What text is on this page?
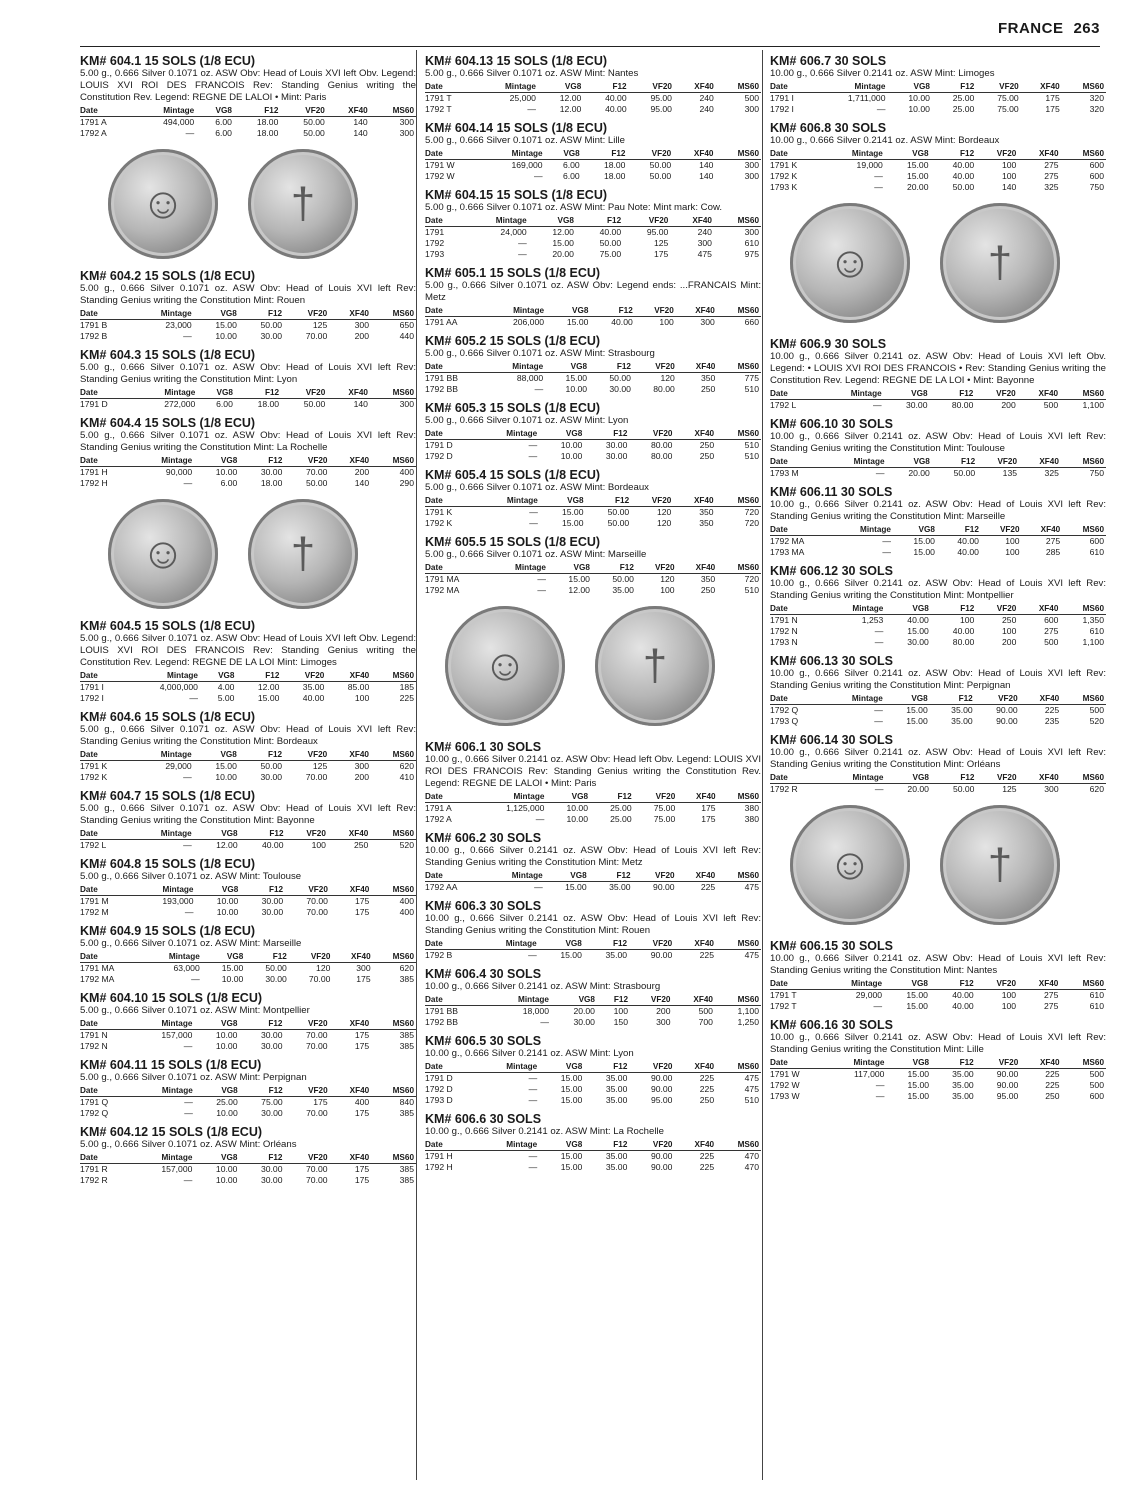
FRANCE 263
KM# 604.1 15 SOLS (1/8 ECU)
5.00 g., 0.666 Silver 0.1071 oz. ASW Obv: Head of Louis XVI left Obv. Legend: LOUIS XVI ROI DES FRANCOIS Rev: Standing Genius writing the Constitution Rev. Legend: REGNE DE LALOI • Mint: Paris
Date	Mintage	VG8	F12	VF20	XF40	MS60
1791 A	494,000	6.00	18.00	50.00	140	300
1792 A	—	6.00	18.00	50.00	140	300
☺ †
KM# 604.2 15 SOLS (1/8 ECU)
5.00 g., 0.666 Silver 0.1071 oz. ASW Obv: Head of Louis XVI left Rev: Standing Genius writing the Constitution Mint: Rouen
Date	Mintage	VG8	F12	VF20	XF40	MS60
1791 B	23,000	15.00	50.00	125	300	650
1792 B	—	10.00	30.00	70.00	200	440
KM# 604.3 15 SOLS (1/8 ECU)
5.00 g., 0.666 Silver 0.1071 oz. ASW Obv: Head of Louis XVI left Rev: Standing Genius writing the Constitution Mint: Lyon
Date	Mintage	VG8	F12	VF20	XF40	MS60
1791 D	272,000	6.00	18.00	50.00	140	300
KM# 604.4 15 SOLS (1/8 ECU)
5.00 g., 0.666 Silver 0.1071 oz. ASW Obv: Head of Louis XVI left Rev: Standing Genius writing the Constitution Mint: La Rochelle
Date	Mintage	VG8	F12	VF20	XF40	MS60
1791 H	90,000	10.00	30.00	70.00	200	400
1792 H	—	6.00	18.00	50.00	140	290
☺ †
KM# 604.5 15 SOLS (1/8 ECU)
5.00 g., 0.666 Silver 0.1071 oz. ASW Obv: Head of Louis XVI left Obv. Legend: LOUIS XVI ROI DES FRANCOIS Rev: Standing Genius writing the Constitution Rev. Legend: REGNE DE LA LOI Mint: Limoges
Date	Mintage	VG8	F12	VF20	XF40	MS60
1791 I	4,000,000	4.00	12.00	35.00	85.00	185
1792 I	—	5.00	15.00	40.00	100	225
KM# 604.6 15 SOLS (1/8 ECU)
5.00 g., 0.666 Silver 0.1071 oz. ASW Obv: Head of Louis XVI left Rev: Standing Genius writing the Constitution Mint: Bordeaux
Date	Mintage	VG8	F12	VF20	XF40	MS60
1791 K	29,000	15.00	50.00	125	300	620
1792 K	—	10.00	30.00	70.00	200	410
KM# 604.7 15 SOLS (1/8 ECU)
5.00 g., 0.666 Silver 0.1071 oz. ASW Obv: Head of Louis XVI left Rev: Standing Genius writing the Constitution Mint: Bayonne
Date	Mintage	VG8	F12	VF20	XF40	MS60
1792 L	—	12.00	40.00	100	250	520
KM# 604.8 15 SOLS (1/8 ECU)
5.00 g., 0.666 Silver 0.1071 oz. ASW Mint: Toulouse
Date	Mintage	VG8	F12	VF20	XF40	MS60
1791 M	193,000	10.00	30.00	70.00	175	400
1792 M	—	10.00	30.00	70.00	175	400
KM# 604.9 15 SOLS (1/8 ECU)
5.00 g., 0.666 Silver 0.1071 oz. ASW Mint: Marseille
Date	Mintage	VG8	F12	VF20	XF40	MS60
1791 MA	63,000	15.00	50.00	120	300	620
1792 MA	—	10.00	30.00	70.00	175	385
KM# 604.10 15 SOLS (1/8 ECU)
5.00 g., 0.666 Silver 0.1071 oz. ASW Mint: Montpellier
Date	Mintage	VG8	F12	VF20	XF40	MS60
1791 N	157,000	10.00	30.00	70.00	175	385
1792 N	—	10.00	30.00	70.00	175	385
KM# 604.11 15 SOLS (1/8 ECU)
5.00 g., 0.666 Silver 0.1071 oz. ASW Mint: Perpignan
Date	Mintage	VG8	F12	VF20	XF40	MS60
1791 Q	—	25.00	75.00	175	400	840
1792 Q	—	10.00	30.00	70.00	175	385
KM# 604.12 15 SOLS (1/8 ECU)
5.00 g., 0.666 Silver 0.1071 oz. ASW Mint: Orléans
Date	Mintage	VG8	F12	VF20	XF40	MS60
1791 R	157,000	10.00	30.00	70.00	175	385
1792 R	—	10.00	30.00	70.00	175	385
KM# 604.13 15 SOLS (1/8 ECU)
5.00 g., 0.666 Silver 0.1071 oz. ASW Mint: Nantes
Date	Mintage	VG8	F12	VF20	XF40	MS60
1791 T	25,000	12.00	40.00	95.00	240	500
1792 T	—	12.00	40.00	95.00	240	300
KM# 604.14 15 SOLS (1/8 ECU)
5.00 g., 0.666 Silver 0.1071 oz. ASW Mint: Lille
Date	Mintage	VG8	F12	VF20	XF40	MS60
1791 W	169,000	6.00	18.00	50.00	140	300
1792 W	—	6.00	18.00	50.00	140	300
KM# 604.15 15 SOLS (1/8 ECU)
5.00 g., 0.666 Silver 0.1071 oz. ASW Mint: Pau Note: Mint mark: Cow.
Date	Mintage	VG8	F12	VF20	XF40	MS60
1791	24,000	12.00	40.00	95.00	240	300
1792	—	15.00	50.00	125	300	610
1793	—	20.00	75.00	175	475	975
KM# 605.1 15 SOLS (1/8 ECU)
5.00 g., 0.666 Silver 0.1071 oz. ASW Obv: Legend ends: ...FRANCAIS Mint: Metz
Date	Mintage	VG8	F12	VF20	XF40	MS60
1791 AA	206,000	15.00	40.00	100	300	660
KM# 605.2 15 SOLS (1/8 ECU)
5.00 g., 0.666 Silver 0.1071 oz. ASW Mint: Strasbourg
Date	Mintage	VG8	F12	VF20	XF40	MS60
1791 BB	88,000	15.00	50.00	120	350	775
1792 BB	—	10.00	30.00	80.00	250	510
KM# 605.3 15 SOLS (1/8 ECU)
5.00 g., 0.666 Silver 0.1071 oz. ASW Mint: Lyon
Date	Mintage	VG8	F12	VF20	XF40	MS60
1791 D	—	10.00	30.00	80.00	250	510
1792 D	—	10.00	30.00	80.00	250	510
KM# 605.4 15 SOLS (1/8 ECU)
5.00 g., 0.666 Silver 0.1071 oz. ASW Mint: Bordeaux
Date	Mintage	VG8	F12	VF20	XF40	MS60
1791 K	—	15.00	50.00	120	350	720
1792 K	—	15.00	50.00	120	350	720
KM# 605.5 15 SOLS (1/8 ECU)
5.00 g., 0.666 Silver 0.1071 oz. ASW Mint: Marseille
Date	Mintage	VG8	F12	VF20	XF40	MS60
1791 MA	—	15.00	50.00	120	350	720
1792 MA	—	12.00	35.00	100	250	510
☺	†
KM# 606.1 30 SOLS
10.00 g., 0.666 Silver 0.2141 oz. ASW Obv: Head left Obv. Legend: LOUIS XVI ROI DES FRANCOIS Rev: Standing Genius writing the Constitution Rev. Legend: REGNE DE LALOI • Mint: Paris
Date	Mintage	VG8	F12	VF20	XF40	MS60
1791 A	1,125,000	10.00	25.00	75.00	175	380
1792 A	—	10.00	25.00	75.00	175	380
KM# 606.2 30 SOLS
10.00 g., 0.666 Silver 0.2141 oz. ASW Obv: Head of Louis XVI left Rev: Standing Genius writing the Constitution Mint: Metz
Date	Mintage	VG8	F12	VF20	XF40	MS60
1792 AA	—	15.00	35.00	90.00	225	475
KM# 606.3 30 SOLS
10.00 g., 0.666 Silver 0.2141 oz. ASW Obv: Head of Louis XVI left Rev: Standing Genius writing the Constitution Mint: Rouen
Date	Mintage	VG8	F12	VF20	XF40	MS60
1792 B	—	15.00	35.00	90.00	225	475
KM# 606.4 30 SOLS
10.00 g., 0.666 Silver 0.2141 oz. ASW Mint: Strasbourg
Date	Mintage	VG8	F12	VF20	XF40	MS60
1791 BB	18,000	20.00	100	200	500	1,100
1792 BB	—	30.00	150	300	700	1,250
KM# 606.5 30 SOLS
10.00 g., 0.666 Silver 0.2141 oz. ASW Mint: Lyon
Date	Mintage	VG8	F12	VF20	XF40	MS60
1791 D	—	15.00	35.00	90.00	225	475
1792 D	—	15.00	35.00	90.00	225	475
1793 D	—	15.00	35.00	95.00	250	510
KM# 606.6 30 SOLS
10.00 g., 0.666 Silver 0.2141 oz. ASW Mint: La Rochelle
Date	Mintage	VG8	F12	VF20	XF40	MS60
1791 H	—	15.00	35.00	90.00	225	470
1792 H	—	15.00	35.00	90.00	225	470
KM# 606.7 30 SOLS
10.00 g., 0.666 Silver 0.2141 oz. ASW Mint: Limoges
Date	Mintage	VG8	F12	VF20	XF40	MS60
1791 I	1,711,000	10.00	25.00	75.00	175	320
1792 I	—	10.00	25.00	75.00	175	320
KM# 606.8 30 SOLS
10.00 g., 0.666 Silver 0.2141 oz. ASW Mint: Bordeaux
Date	Mintage	VG8	F12	VF20	XF40	MS60
1791 K	19,000	15.00	40.00	100	275	600
1792 K	—	15.00	40.00	100	275	600
1793 K	—	20.00	50.00	140	325	750
☺	†
KM# 606.9 30 SOLS
10.00 g., 0.666 Silver 0.2141 oz. ASW Obv: Head of Louis XVI left Obv. Legend: • LOUIS XVI ROI DES FRANCOIS • Rev: Standing Genius writing the Constitution Rev. Legend: REGNE DE LA LOI • Mint: Bayonne
Date	Mintage	VG8	F12	VF20	XF40	MS60
1792 L	—	30.00	80.00	200	500	1,100
KM# 606.10 30 SOLS
10.00 g., 0.666 Silver 0.2141 oz. ASW Obv: Head of Louis XVI left Rev: Standing Genius writing the Constitution Mint: Toulouse
Date	Mintage	VG8	F12	VF20	XF40	MS60
1793 M	—	20.00	50.00	135	325	750
KM# 606.11 30 SOLS
10.00 g., 0.666 Silver 0.2141 oz. ASW Obv: Head of Louis XVI left Rev: Standing Genius writing the Constitution Mint: Marseille
Date	Mintage	VG8	F12	VF20	XF40	MS60
1792 MA	—	15.00	40.00	100	275	600
1793 MA	—	15.00	40.00	100	285	610
KM# 606.12 30 SOLS
10.00 g., 0.666 Silver 0.2141 oz. ASW Obv: Head of Louis XVI left Rev: Standing Genius writing the Constitution Mint: Montpellier
Date	Mintage	VG8	F12	VF20	XF40	MS60
1791 N	1,253	40.00	100	250	600	1,350
1792 N	—	15.00	40.00	100	275	610
1793 N	—	30.00	80.00	200	500	1,100
KM# 606.13 30 SOLS
10.00 g., 0.666 Silver 0.2141 oz. ASW Obv: Head of Louis XVI left Rev: Standing Genius writing the Constitution Mint: Perpignan
Date	Mintage	VG8	F12	VF20	XF40	MS60
1792 Q	—	15.00	35.00	90.00	225	500
1793 Q	—	15.00	35.00	90.00	235	520
KM# 606.14 30 SOLS
10.00 g., 0.666 Silver 0.2141 oz. ASW Obv: Head of Louis XVI left Rev: Standing Genius writing the Constitution Mint: Orléans
Date	Mintage	VG8	F12	VF20	XF40	MS60
1792 R	—	20.00	50.00	125	300	620
☺	†
KM# 606.15 30 SOLS
10.00 g., 0.666 Silver 0.2141 oz. ASW Obv: Head of Louis XVI left Rev: Standing Genius writing the Constitution Mint: Nantes
Date	Mintage	VG8	F12	VF20	XF40	MS60
1791 T	29,000	15.00	40.00	100	275	610
1792 T	—	15.00	40.00	100	275	610
KM# 606.16 30 SOLS
10.00 g., 0.666 Silver 0.2141 oz. ASW Obv: Head of Louis XVI left Rev: Standing Genius writing the Constitution Mint: Lille
Date	Mintage	VG8	F12	VF20	XF40	MS60
1791 W	117,000	15.00	35.00	90.00	225	500
1792 W	—	15.00	35.00	90.00	225	500
1793 W	—	15.00	35.00	95.00	250	600
